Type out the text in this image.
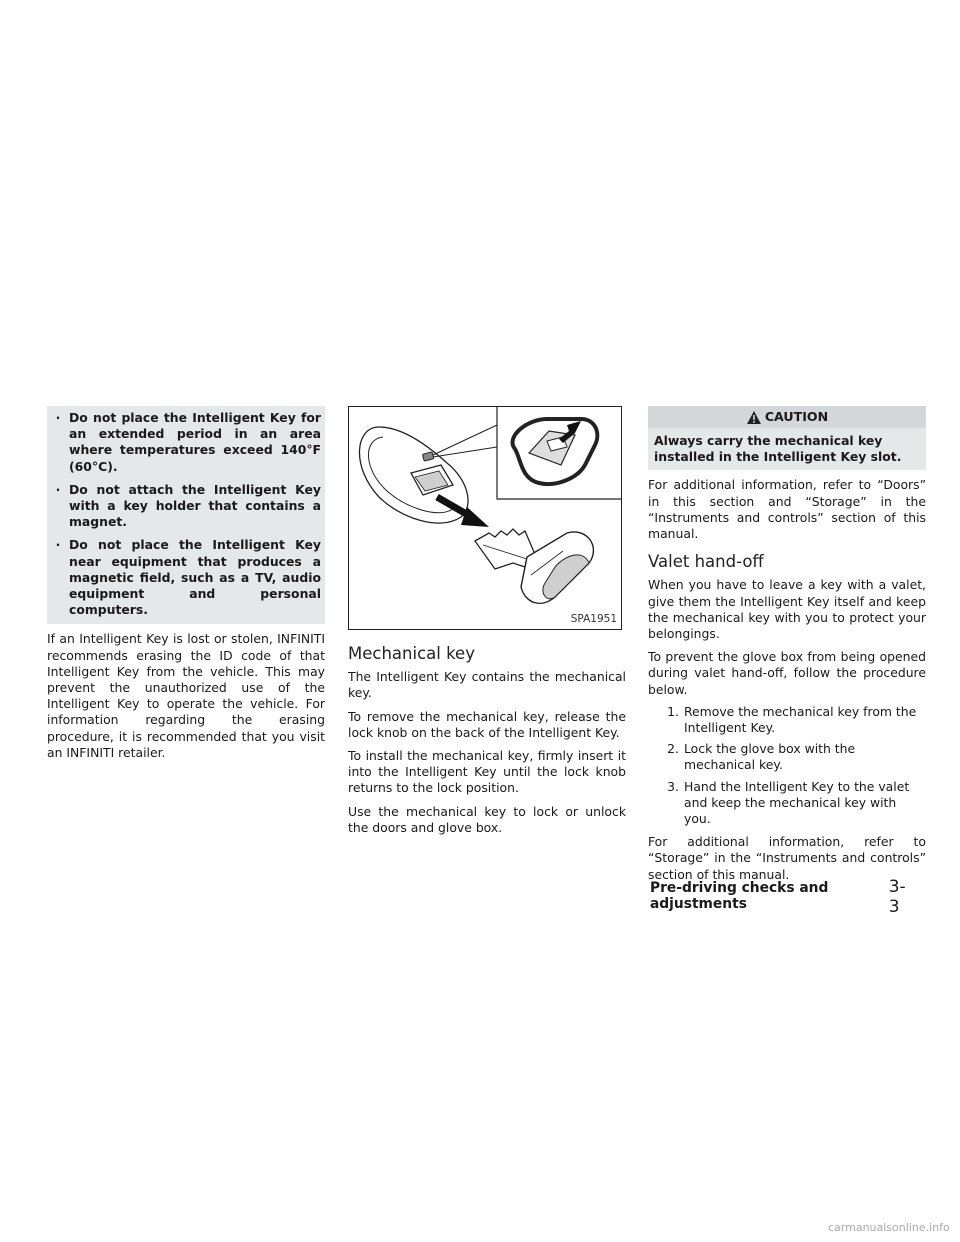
· Do not place the Intelligent Key for an extended period in an area where temperatures exceed 140°F (60°C).
· Do not attach the Intelligent Key with a key holder that contains a magnet.
· Do not place the Intelligent Key near equipment that produces a magnetic field, such as a TV, audio equipment and personal computers.

If an Intelligent Key is lost or stolen, INFINITI recommends erasing the ID code of that Intelligent Key from the vehicle. This may prevent the unauthorized use of the Intelligent Key to operate the vehicle. For information regarding the erasing procedure, it is recommended that you visit an INFINITI retailer.

SPA1951
Mechanical key

The Intelligent Key contains the mechanical key.

To remove the mechanical key, release the lock knob on the back of the Intelligent Key.

To install the mechanical key, firmly insert it into the Intelligent Key until the lock knob returns to the lock position.

Use the mechanical key to lock or unlock the doors and glove box.

CAUTION
Always carry the mechanical key installed in the Intelligent Key slot.

For additional information, refer to “Doors” in this section and “Storage” in the “Instruments and controls” section of this manual.

Valet hand-off

When you have to leave a key with a valet, give them the Intelligent Key itself and keep the mechanical key with you to protect your belongings.

To prevent the glove box from being opened during valet hand-off, follow the procedure below.

1. Remove the mechanical key from the Intelligent Key.
2. Lock the glove box with the mechanical key.
3. Hand the Intelligent Key to the valet and keep the mechanical key with you.

For additional information, refer to “Storage” in the “Instruments and controls” section of this manual.

Pre-driving checks and adjustments
3-3
carmanualsonline.info
